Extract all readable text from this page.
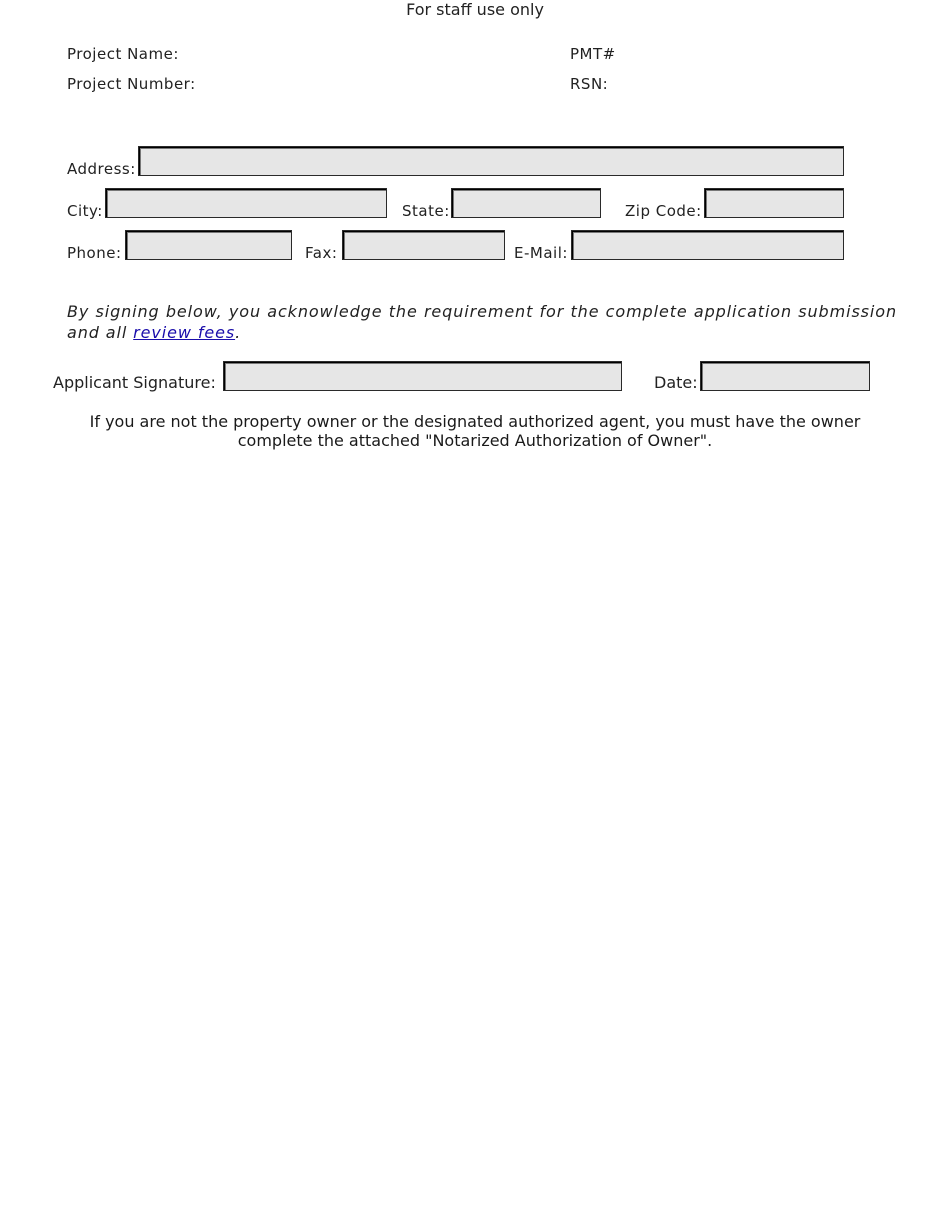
For staff use only
Project Name:	PMT#
Project Number:	RSN:
Address:
City:	State:	Zip Code:
Phone:	Fax:	E-Mail:
By signing below, you acknowledge the requirement for the complete application submission and all review fees.
Applicant Signature:	Date:
If you are not the property owner or the designated authorized agent, you must have the owner
complete the attached "Notarized Authorization of Owner".
